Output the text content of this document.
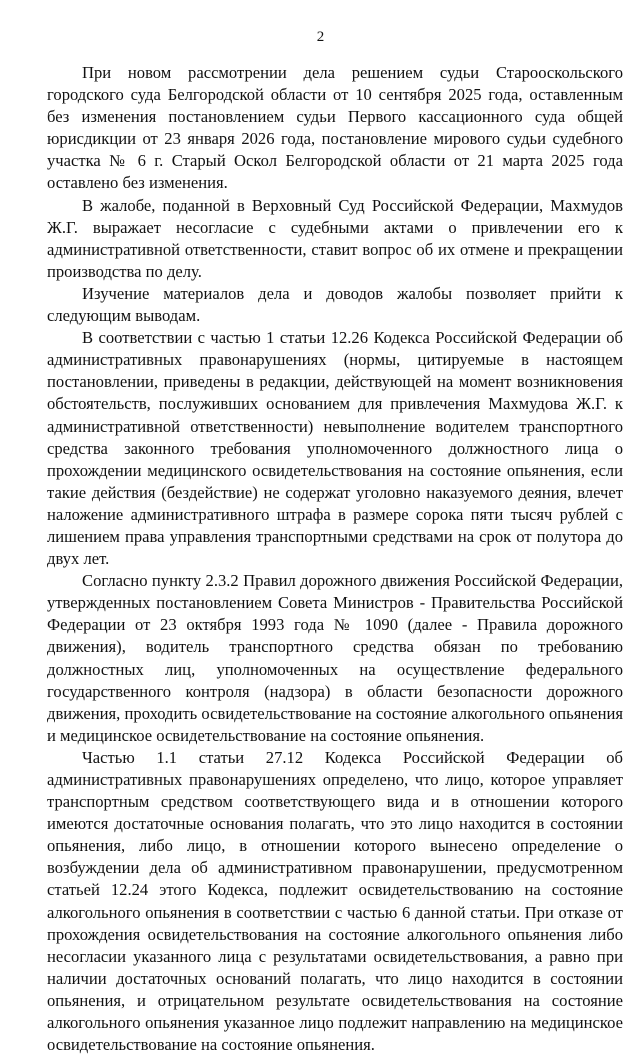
2

При новом рассмотрении дела решением судьи Старооскольского городского суда Белгородской области от 10 сентября 2025 года, оставленным без изменения постановлением судьи Первого кассационного суда общей юрисдикции от 23 января 2026 года, постановление мирового судьи судебного участка № 6 г. Старый Оскол Белгородской области от 21 марта 2025 года оставлено без изменения.

В жалобе, поданной в Верховный Суд Российской Федерации, Махмудов Ж.Г. выражает несогласие с судебными актами о привлечении его к административной ответственности, ставит вопрос об их отмене и прекращении производства по делу.

Изучение материалов дела и доводов жалобы позволяет прийти к следующим выводам.

В соответствии с частью 1 статьи 12.26 Кодекса Российской Федерации об административных правонарушениях (нормы, цитируемые в настоящем постановлении, приведены в редакции, действующей на момент возникновения обстоятельств, послуживших основанием для привлечения Махмудова Ж.Г. к административной ответственности) невыполнение водителем транспортного средства законного требования уполномоченного должностного лица о прохождении медицинского освидетельствования на состояние опьянения, если такие действия (бездействие) не содержат уголовно наказуемого деяния, влечет наложение административного штрафа в размере сорока пяти тысяч рублей с лишением права управления транспортными средствами на срок от полутора до двух лет.

Согласно пункту 2.3.2 Правил дорожного движения Российской Федерации, утвержденных постановлением Совета Министров - Правительства Российской Федерации от 23 октября 1993 года № 1090 (далее - Правила дорожного движения), водитель транспортного средства обязан по требованию должностных лиц, уполномоченных на осуществление федерального государственного контроля (надзора) в области безопасности дорожного движения, проходить освидетельствование на состояние алкогольного опьянения и медицинское освидетельствование на состояние опьянения.

Частью 1.1 статьи 27.12 Кодекса Российской Федерации об административных правонарушениях определено, что лицо, которое управляет транспортным средством соответствующего вида и в отношении которого имеются достаточные основания полагать, что это лицо находится в состоянии опьянения, либо лицо, в отношении которого вынесено определение о возбуждении дела об административном правонарушении, предусмотренном статьей 12.24 этого Кодекса, подлежит освидетельствованию на состояние алкогольного опьянения в соответствии с частью 6 данной статьи. При отказе от прохождения освидетельствования на состояние алкогольного опьянения либо несогласии указанного лица с результатами освидетельствования, а равно при наличии достаточных оснований полагать, что лицо находится в состоянии опьянения, и отрицательном результате освидетельствования на состояние алкогольного опьянения указанное лицо подлежит направлению на медицинское освидетельствование на состояние опьянения.
